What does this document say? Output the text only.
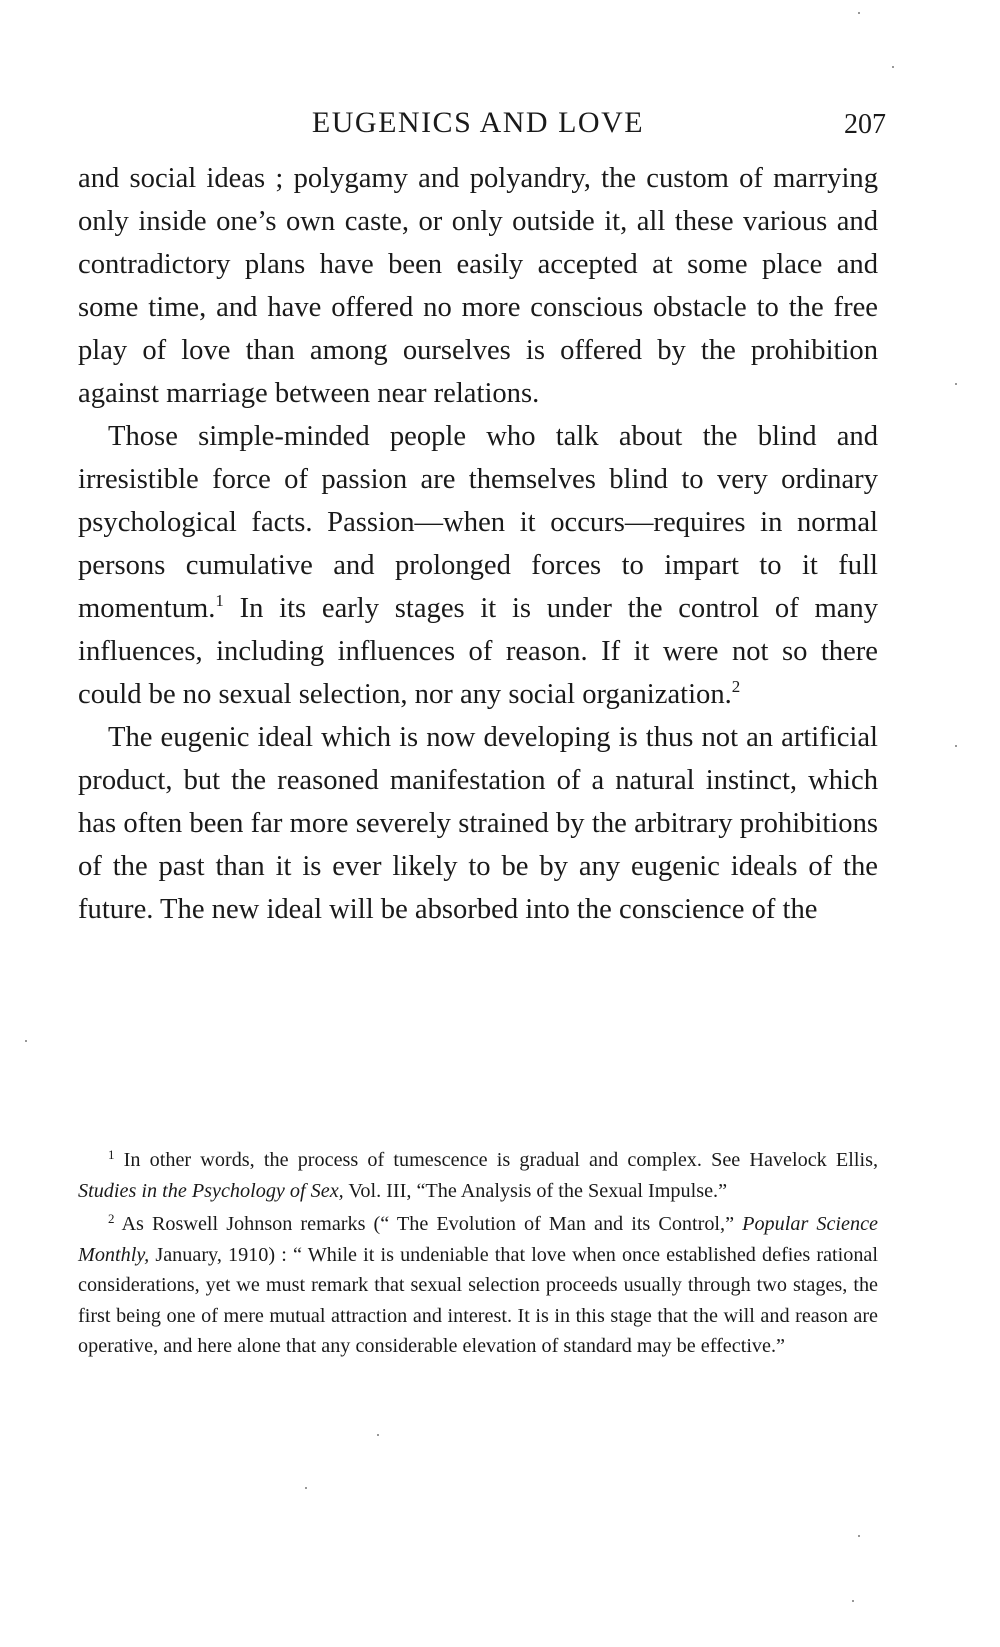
EUGENICS AND LOVE	207

and social ideas ; polygamy and polyandry, the custom of marrying only inside one’s own caste, or only outside it, all these various and contradictory plans have been easily accepted at some place and some time, and have offered no more conscious obstacle to the free play of love than among ourselves is offered by the prohibition against marriage between near relations.

Those simple-minded people who talk about the blind and irresistible force of passion are themselves blind to very ordinary psychological facts. Passion—when it occurs—requires in normal persons cumulative and prolonged forces to impart to it full momentum.$^1$ In its early stages it is under the control of many influences, including influences of reason. If it were not so there could be no sexual selection, nor any social organization.$^2$

The eugenic ideal which is now developing is thus not an artificial product, but the reasoned manifestation of a natural instinct, which has often been far more severely strained by the arbitrary prohibitions of the past than it is ever likely to be by any eugenic ideals of the future. The new ideal will be absorbed into the conscience of the

$^1$ In other words, the process of tumescence is gradual and complex. See Havelock Ellis, Studies in the Psychology of Sex, Vol. III, “The Analysis of the Sexual Impulse.”

$^2$ As Roswell Johnson remarks (“ The Evolution of Man and its Control,” Popular Science Monthly, January, 1910) : “ While it is undeniable that love when once established defies rational considerations, yet we must remark that sexual selection proceeds usually through two stages, the first being one of mere mutual attraction and interest. It is in this stage that the will and reason are operative, and here alone that any considerable elevation of standard may be effective.”
